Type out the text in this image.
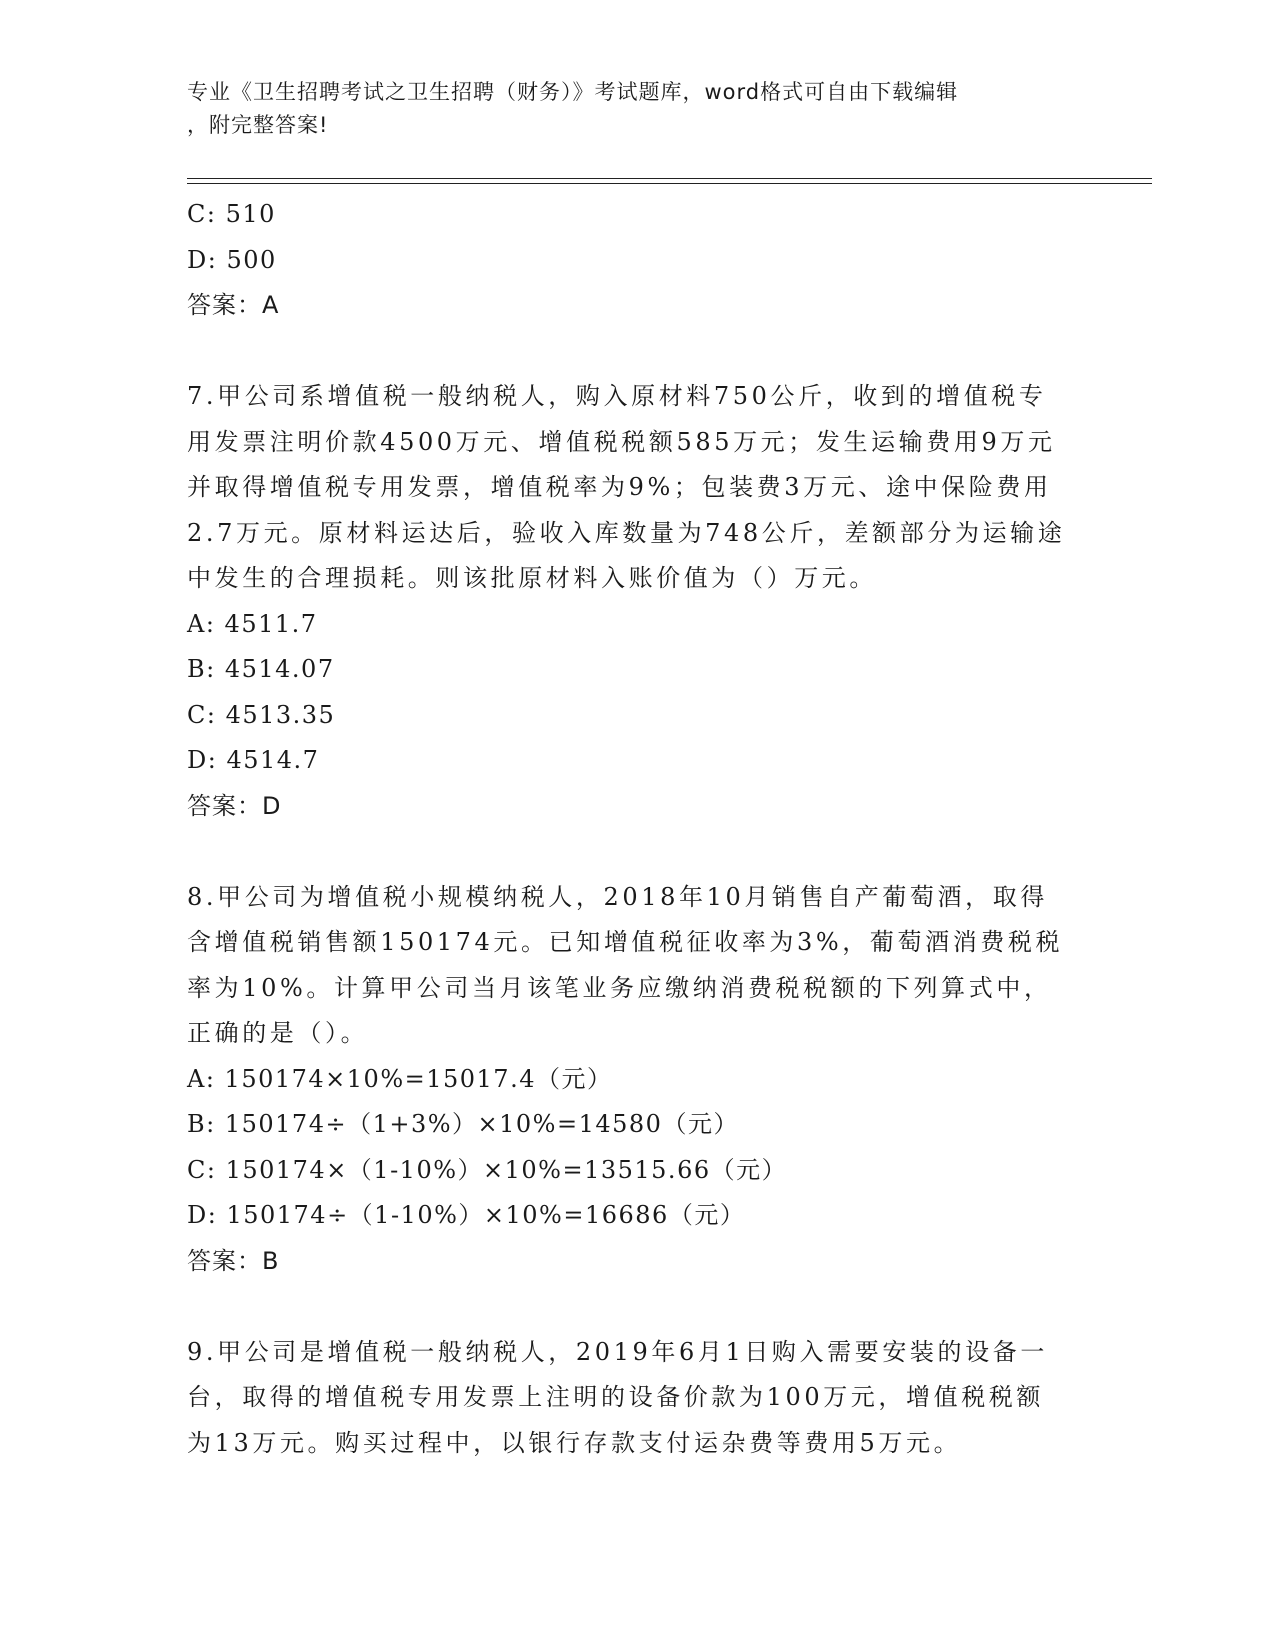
专业《卫生招聘考试之卫生招聘（财务）》考试题库，word格式可自由下载编辑
，附完整答案!
C: 510
D: 500
答案：A
7.甲公司系增值税一般纳税人，购入原材料750公斤，收到的增值税专用发票注明价款4500万元、增值税税额585万元；发生运输费用9万元并取得增值税专用发票，增值税率为9%；包装费3万元、途中保险费用2.7万元。原材料运达后，验收入库数量为748公斤，差额部分为运输途中发生的合理损耗。则该批原材料入账价值为（）万元。
A: 4511.7
B: 4514.07
C: 4513.35
D: 4514.7
答案：D
8.甲公司为增值税小规模纳税人，2018年10月销售自产葡萄酒，取得含增值税销售额150174元。已知增值税征收率为3%，葡萄酒消费税税率为10%。计算甲公司当月该笔业务应缴纳消费税税额的下列算式中，正确的是（）。
A: 150174×10%=15017.4（元）
B: 150174÷（1+3%）×10%=14580（元）
C: 150174×（1-10%）×10%=13515.66（元）
D: 150174÷（1-10%）×10%=16686（元）
答案：B
9.甲公司是增值税一般纳税人，2019年6月1日购入需要安装的设备一台，取得的增值税专用发票上注明的设备价款为100万元，增值税税额为13万元。购买过程中，以银行存款支付运杂费等费用5万元。
